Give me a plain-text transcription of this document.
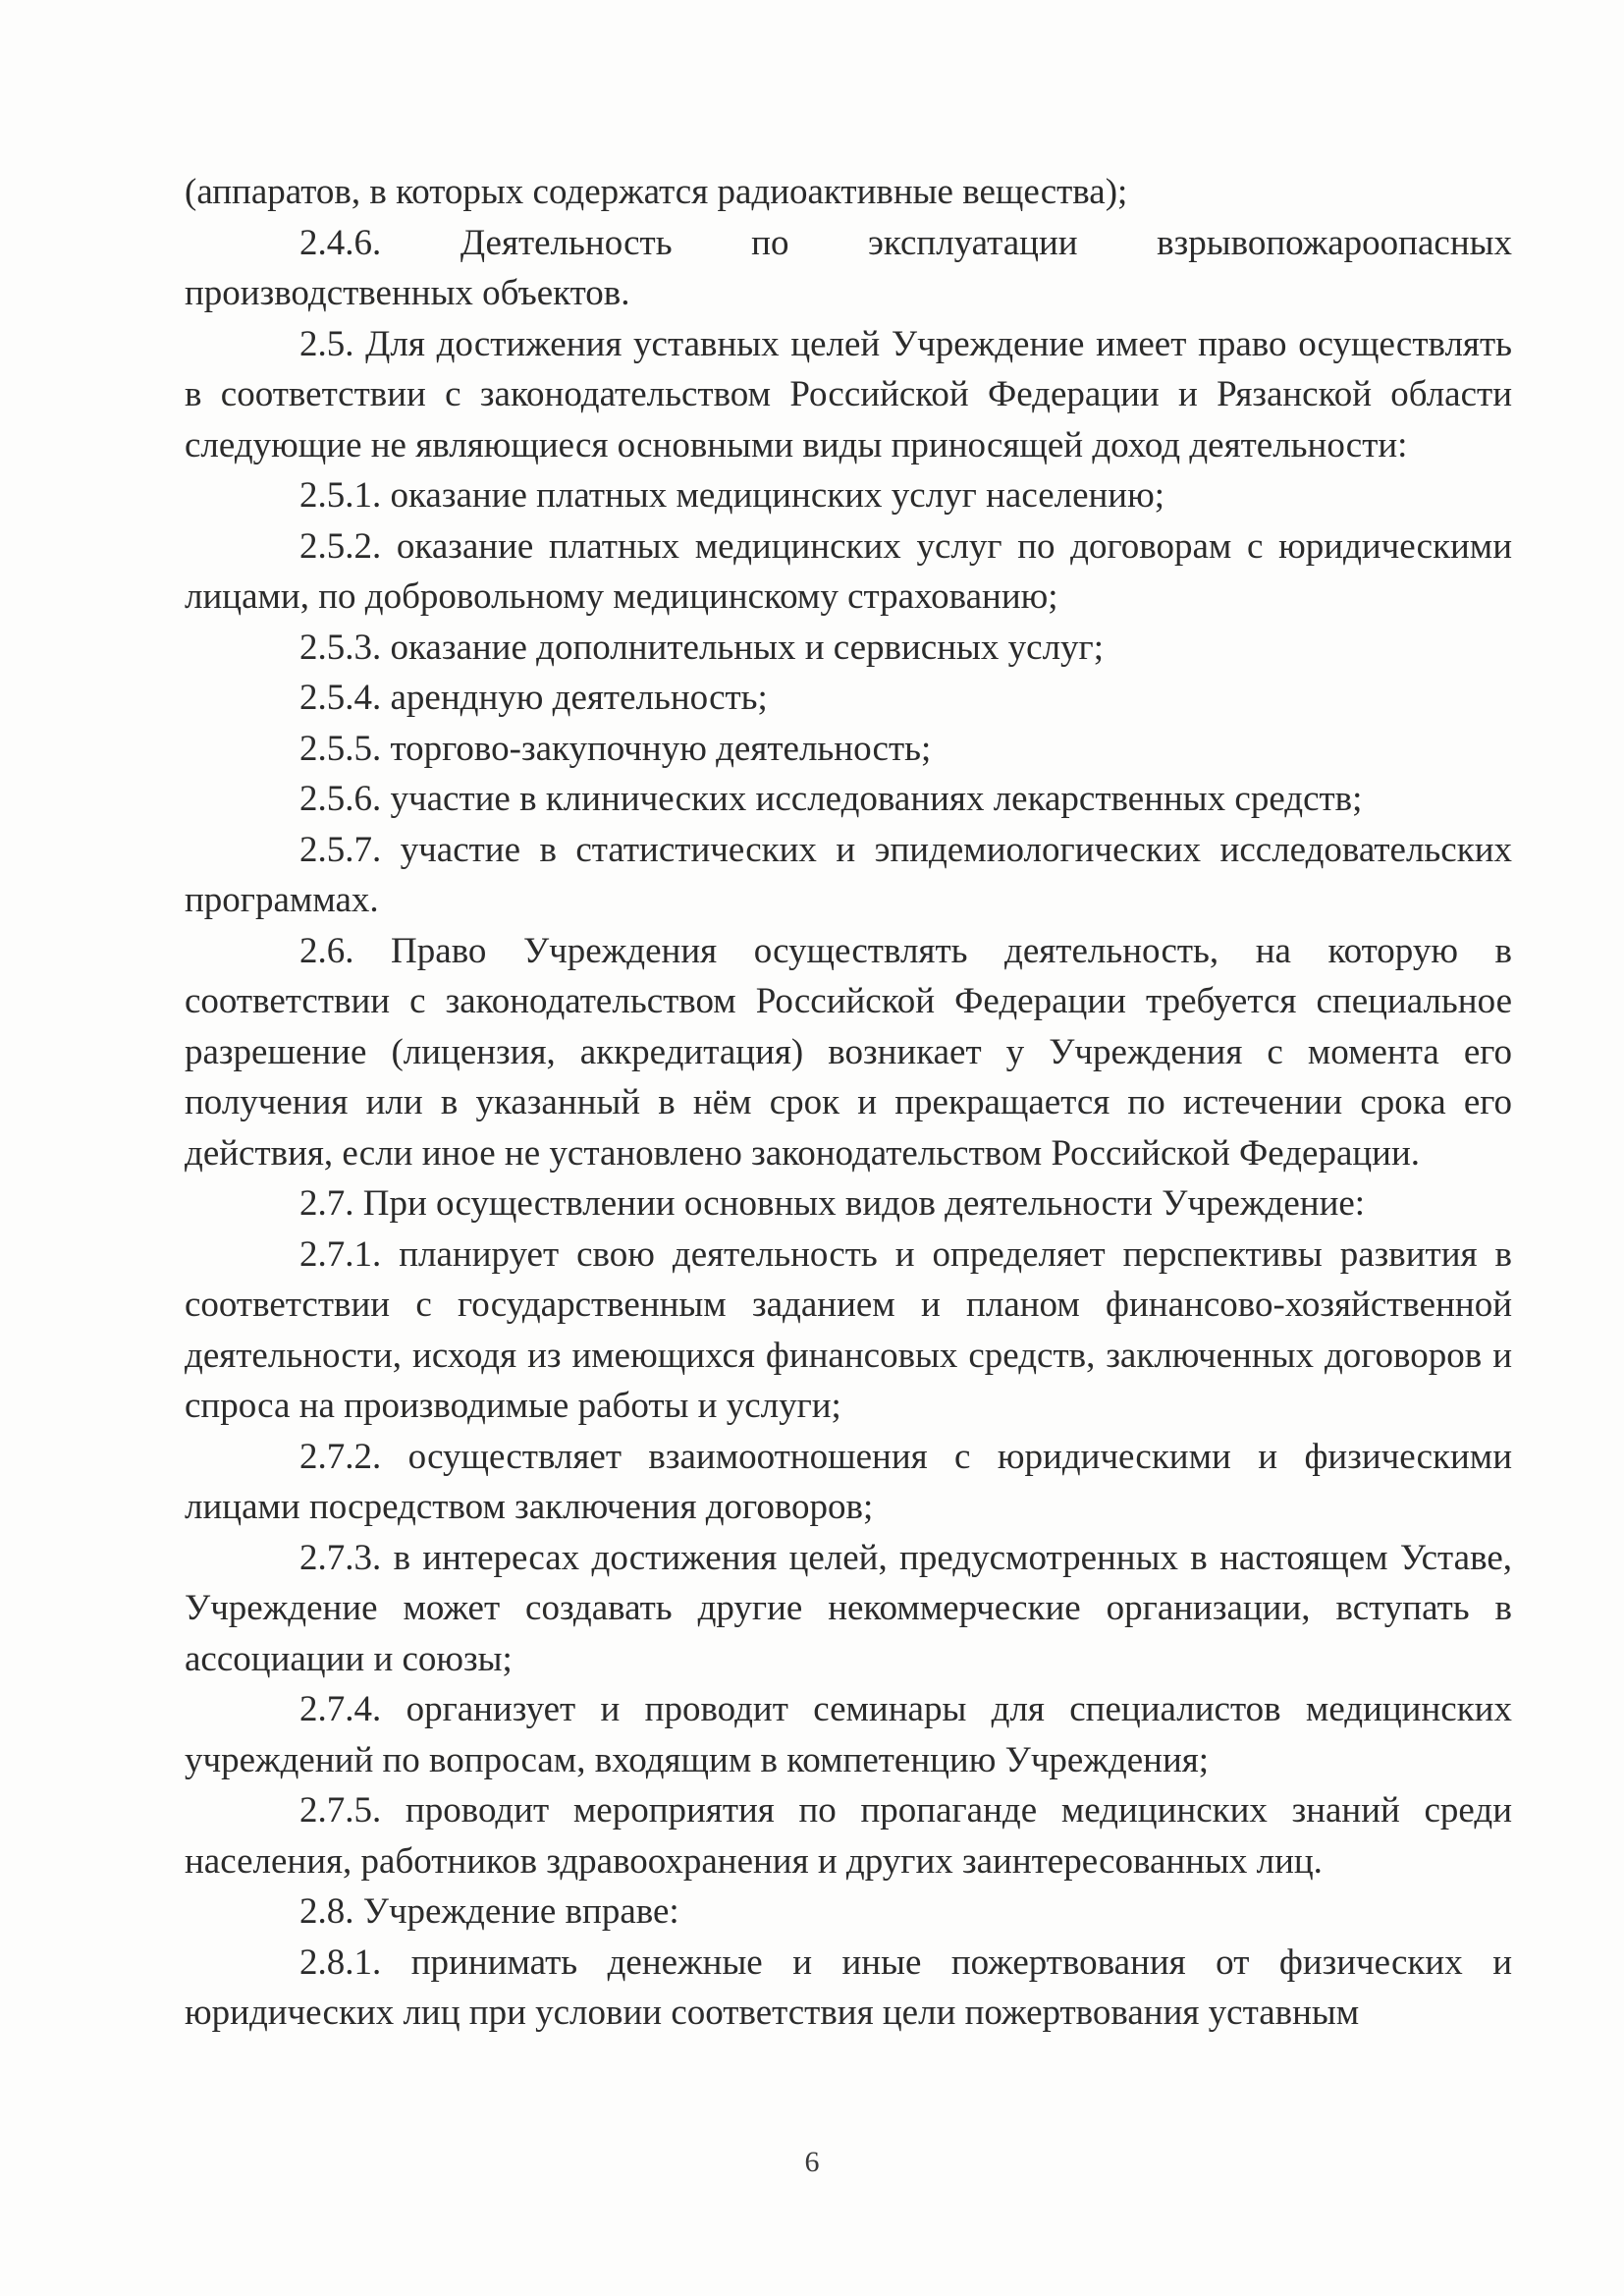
(аппаратов, в которых содержатся радиоактивные вещества);

2.4.6. Деятельность по эксплуатации взрывопожароопасных производственных объектов.

2.5. Для достижения уставных целей Учреждение имеет право осуществлять в соответствии с законодательством Российской Федерации и Рязанской области следующие не являющиеся основными виды приносящей доход деятельности:

2.5.1. оказание платных медицинских услуг населению;

2.5.2. оказание платных медицинских услуг по договорам с юридическими лицами, по добровольному медицинскому страхованию;

2.5.3. оказание дополнительных и сервисных услуг;

2.5.4. арендную деятельность;

2.5.5. торгово-закупочную деятельность;

2.5.6. участие в клинических исследованиях лекарственных средств;

2.5.7. участие в статистических и эпидемиологических исследовательских программах.

2.6. Право Учреждения осуществлять деятельность, на которую в соответствии с законодательством Российской Федерации требуется специальное разрешение (лицензия, аккредитация) возникает у Учреждения с момента его получения или в указанный в нём срок и прекращается по истечении срока его действия, если иное не установлено законодательством Российской Федерации.

2.7. При осуществлении основных видов деятельности Учреждение:

2.7.1. планирует свою деятельность и определяет перспективы развития в соответствии с государственным заданием и планом финансово-хозяйственной деятельности, исходя из имеющихся финансовых средств, заключенных договоров и спроса на производимые работы и услуги;

2.7.2. осуществляет взаимоотношения с юридическими и физическими лицами посредством заключения договоров;

2.7.3. в интересах достижения целей, предусмотренных в настоящем Уставе, Учреждение может создавать другие некоммерческие организации, вступать в ассоциации и союзы;

2.7.4. организует и проводит семинары для специалистов медицинских учреждений по вопросам, входящим в компетенцию Учреждения;

2.7.5. проводит мероприятия по пропаганде медицинских знаний среди населения, работников здравоохранения и других заинтересованных лиц.

2.8. Учреждение вправе:

2.8.1. принимать денежные и иные пожертвования от физических и юридических лиц при условии соответствия цели пожертвования уставным

6
